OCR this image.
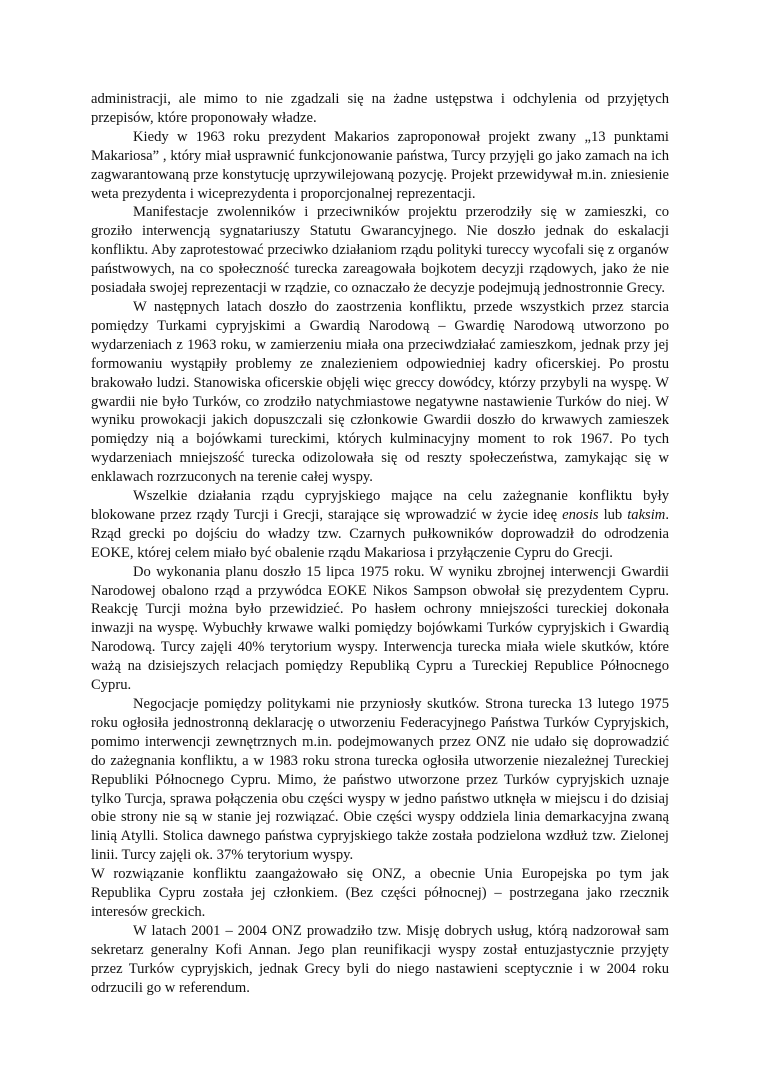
administracji, ale mimo to nie zgadzali się na żadne ustępstwa i odchylenia od przyjętych przepisów, które proponowały władze.

Kiedy w 1963 roku prezydent Makarios zaproponował projekt zwany „13 punktami Makariosa” , który miał usprawnić funkcjonowanie państwa, Turcy przyjęli go jako zamach na ich zagwarantowaną prze konstytucję uprzywilejowaną pozycję. Projekt przewidywał m.in. zniesienie weta prezydenta i wiceprezydenta i proporcjonalnej reprezentacji.

Manifestacje zwolenników i przeciwników projektu przerodziły się w zamieszki, co groziło interwencją sygnatariuszy Statutu Gwarancyjnego. Nie doszło jednak do eskalacji konfliktu. Aby zaprotestować przeciwko działaniom rządu polityki tureccy wycofali się z organów państwowych, na co społeczność turecka zareagowała bojkotem decyzji rządowych, jako że nie posiadała swojej reprezentacji w rządzie, co oznaczało że decyzje podejmują jednostronnie Grecy.

W następnych latach doszło do zaostrzenia konfliktu, przede wszystkich przez starcia pomiędzy Turkami cypryjskimi a Gwardią Narodową – Gwardię Narodową utworzono po wydarzeniach z 1963 roku, w zamierzeniu miała ona przeciwdziałać zamieszkom, jednak przy jej formowaniu wystąpiły problemy ze znalezieniem odpowiedniej kadry oficerskiej. Po prostu brakowało ludzi. Stanowiska oficerskie objęli więc greccy dowódcy, którzy przybyli na wyspę. W gwardii nie było Turków, co zrodziło natychmiastowe negatywne nastawienie Turków do niej. W wyniku prowokacji jakich dopuszczali się członkowie Gwardii doszło do krwawych zamieszek pomiędzy nią a bojówkami tureckimi, których kulminacyjny moment to rok 1967. Po tych wydarzeniach mniejszość turecka odizolowała się od reszty społeczeństwa, zamykając się w enklawach rozrzuconych na terenie całej wyspy.

Wszelkie działania rządu cypryjskiego mające na celu zażegnanie konfliktu były blokowane przez rządy Turcji i Grecji, starające się wprowadzić w życie ideę enosis lub taksim. Rząd grecki po dojściu do władzy tzw. Czarnych pułkowników doprowadził do odrodzenia EOKE, której celem miało być obalenie rządu Makariosa i przyłączenie Cypru do Grecji.

Do wykonania planu doszło 15 lipca 1975 roku. W wyniku zbrojnej interwencji Gwardii Narodowej obalono rząd a przywódca EOKE Nikos Sampson obwołał się prezydentem Cypru. Reakcję Turcji można było przewidzieć. Po hasłem ochrony mniejszości tureckiej dokonała inwazji na wyspę. Wybuchły krwawe walki pomiędzy bojówkami Turków cypryjskich i Gwardią Narodową. Turcy zajęli 40% terytorium wyspy. Interwencja turecka miała wiele skutków, które ważą na dzisiejszych relacjach pomiędzy Republiką Cypru a Tureckiej Republice Północnego Cypru.

Negocjacje pomiędzy politykami nie przyniosły skutków. Strona turecka 13 lutego 1975 roku ogłosiła jednostronną deklarację o utworzeniu Federacyjnego Państwa Turków Cypryjskich, pomimo interwencji zewnętrznych m.in. podejmowanych przez ONZ nie udało się doprowadzić do zażegnania konfliktu, a w 1983 roku strona turecka ogłosiła utworzenie niezależnej Tureckiej Republiki Północnego Cypru. Mimo, że państwo utworzone przez Turków cypryjskich uznaje tylko Turcja, sprawa połączenia obu części wyspy w jedno państwo utknęła w miejscu i do dzisiaj obie strony nie są w stanie jej rozwiązać. Obie części wyspy oddziela linia demarkacyjna zwaną linią Atylli. Stolica dawnego państwa cypryjskiego także została podzielona wzdłuż tzw. Zielonej linii. Turcy zajęli ok. 37% terytorium wyspy.

W rozwiązanie konfliktu zaangażowało się ONZ, a obecnie Unia Europejska po tym jak Republika Cypru została jej członkiem. (Bez części północnej) – postrzegana jako rzecznik interesów greckich.

W latach 2001 – 2004 ONZ prowadziło tzw. Misję dobrych usług, którą nadzorował sam sekretarz generalny Kofi Annan. Jego plan reunifikacji wyspy został entuzjastycznie przyjęty przez Turków cypryjskich, jednak Grecy byli do niego nastawieni sceptycznie i w 2004 roku odrzucili go w referendum.
